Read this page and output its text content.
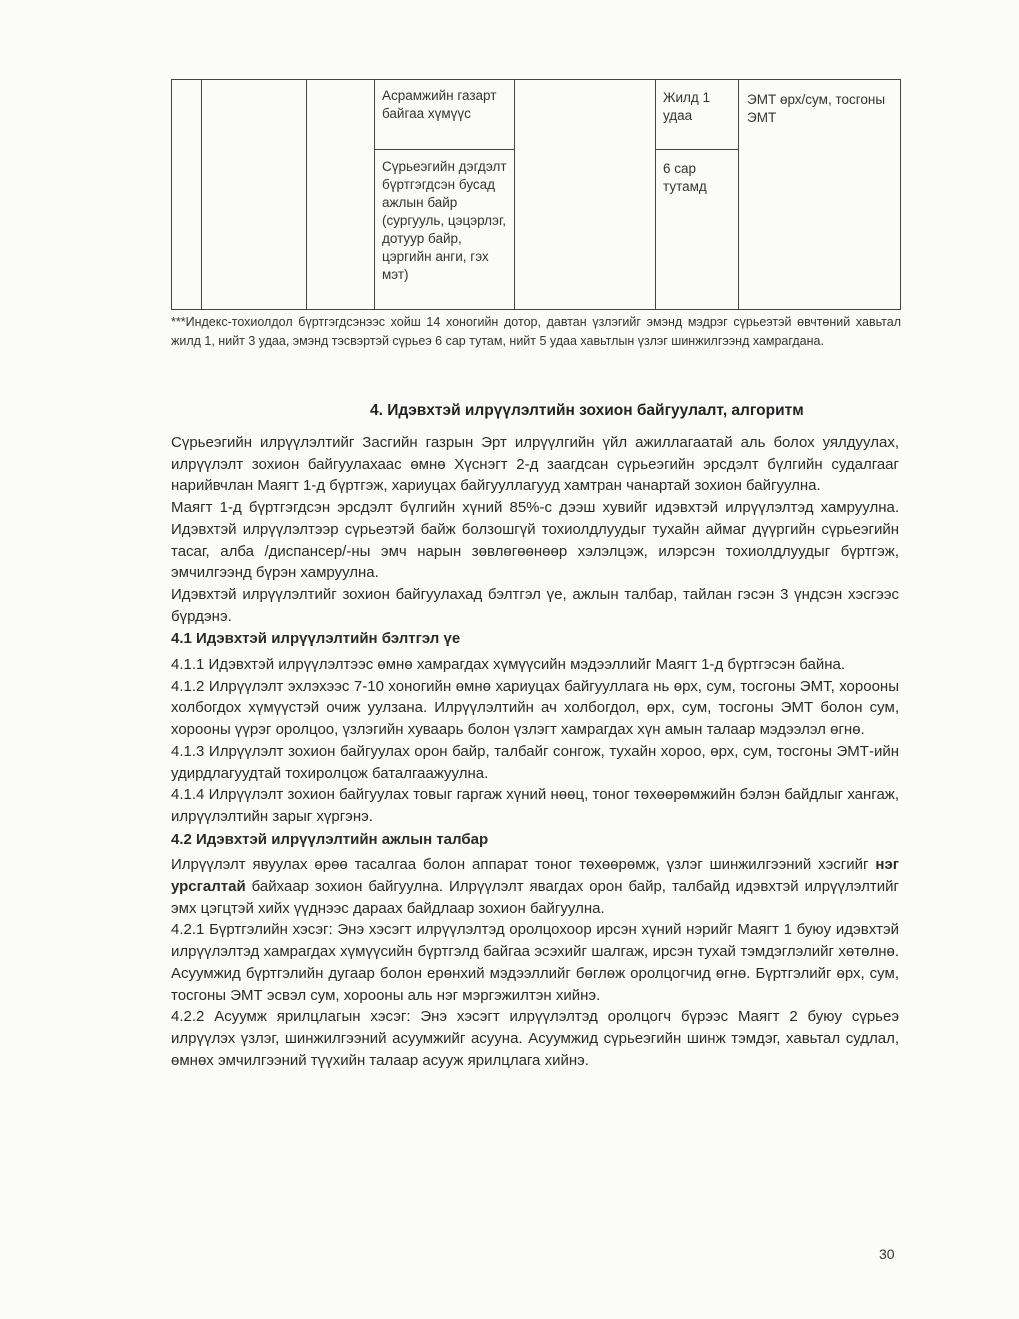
Асрамжийн газарт байгаа хүмүүс
Жилд 1 удаа
ЭМТ өрх/сум, тосгоны ЭМТ
Сүрьеэгийн дэгдэлт бүртгэгдсэн бусад ажлын байр (сургууль, цэцэрлэг, дотуур байр, цэргийн анги, гэх мэт)
6 сар тутамд
***Индекс-тохиолдол бүртгэгдсэнээс хойш 14 хоногийн дотор, давтан үзлэгийг эмэнд мэдрэг сүрьеэтэй өвчтөний хавьтал жилд 1, нийт 3 удаа, эмэнд тэсвэртэй сүрьеэ 6 сар тутам, нийт 5 удаа хавьтлын үзлэг шинжилгээнд хамрагдана.
4. Идэвхтэй илрүүлэлтийн зохион байгуулалт, алгоритм

Сүрьеэгийн илрүүлэлтийг Засгийн газрын Эрт илрүүлгийн үйл ажиллагаатай аль болох уялдуулах, илрүүлэлт зохион байгуулахаас өмнө Хүснэгт 2-д заагдсан сүрьеэгийн эрсдэлт бүлгийн судалгааг нарийвчлан Маягт 1-д бүртгэж, хариуцах байгууллагууд хамтран чанартай зохион байгуулна.

Маягт 1-д бүртгэгдсэн эрсдэлт бүлгийн хүний 85%-с дээш хувийг идэвхтэй илрүүлэлтэд хамруулна. Идэвхтэй илрүүлэлтээр сүрьеэтэй байж болзошгүй тохиолдлуудыг тухайн аймаг дүүргийн сүрьеэгийн тасаг, алба /диспансер/-ны эмч нарын зөвлөгөөнөөр хэлэлцэж, илэрсэн тохиолдлуудыг бүртгэж, эмчилгээнд бүрэн хамруулна.

Идэвхтэй илрүүлэлтийг зохион байгуулахад бэлтгэл үе, ажлын талбар, тайлан гэсэн 3 үндсэн хэсгээс бүрдэнэ.

4.1 Идэвхтэй илрүүлэлтийн бэлтгэл үе

4.1.1 Идэвхтэй илрүүлэлтээс өмнө хамрагдах хүмүүсийн мэдээллийг Маягт 1-д бүртгэсэн байна.

4.1.2 Илрүүлэлт эхлэхээс 7-10 хоногийн өмнө хариуцах байгууллага нь өрх, сум, тосгоны ЭМТ, хорооны холбогдох хүмүүстэй очиж уулзана. Илрүүлэлтийн ач холбогдол, өрх, сум, тосгоны ЭМТ болон сум, хорооны үүрэг оролцоо, үзлэгийн хуваарь болон үзлэгт хамрагдах хүн амын талаар мэдээлэл өгнө.

4.1.3 Илрүүлэлт зохион байгуулах орон байр, талбайг сонгож, тухайн хороо, өрх, сум, тосгоны ЭМТ-ийн удирдлагуудтай тохиролцож баталгаажуулна.

4.1.4 Илрүүлэлт зохион байгуулах товыг гаргаж хүний нөөц, тоног төхөөрөмжийн бэлэн байдлыг хангаж, илрүүлэлтийн зарыг хүргэнэ.

4.2 Идэвхтэй илрүүлэлтийн ажлын талбар

Илрүүлэлт явуулах өрөө тасалгаа болон аппарат тоног төхөөрөмж, үзлэг шинжилгээний хэсгийг нэг урсгалтай байхаар зохион байгуулна. Илрүүлэлт явагдах орон байр, талбайд идэвхтэй илрүүлэлтийг эмх цэгцтэй хийх үүднээс дараах байдлаар зохион байгуулна.

4.2.1 Бүртгэлийн хэсэг: Энэ хэсэгт илрүүлэлтэд оролцохоор ирсэн хүний нэрийг Маягт 1 буюу идэвхтэй илрүүлэлтэд хамрагдах хүмүүсийн бүртгэлд байгаа эсэхийг шалгаж, ирсэн тухай тэмдэглэлийг хөтөлнө. Асуумжид бүртгэлийн дугаар болон ерөнхий мэдээллийг бөглөж оролцогчид өгнө. Бүртгэлийг өрх, сум, тосгоны ЭМТ эсвэл сум, хорооны аль нэг мэргэжилтэн хийнэ.

4.2.2 Асуумж ярилцлагын хэсэг: Энэ хэсэгт илрүүлэлтэд оролцогч бүрээс Маягт 2 буюу сүрьеэ илрүүлэх үзлэг, шинжилгээний асуумжийг асууна. Асуумжид сүрьеэгийн шинж тэмдэг, хавьтал судлал, өмнөх эмчилгээний түүхийн талаар асууж ярилцлага хийнэ.

30
